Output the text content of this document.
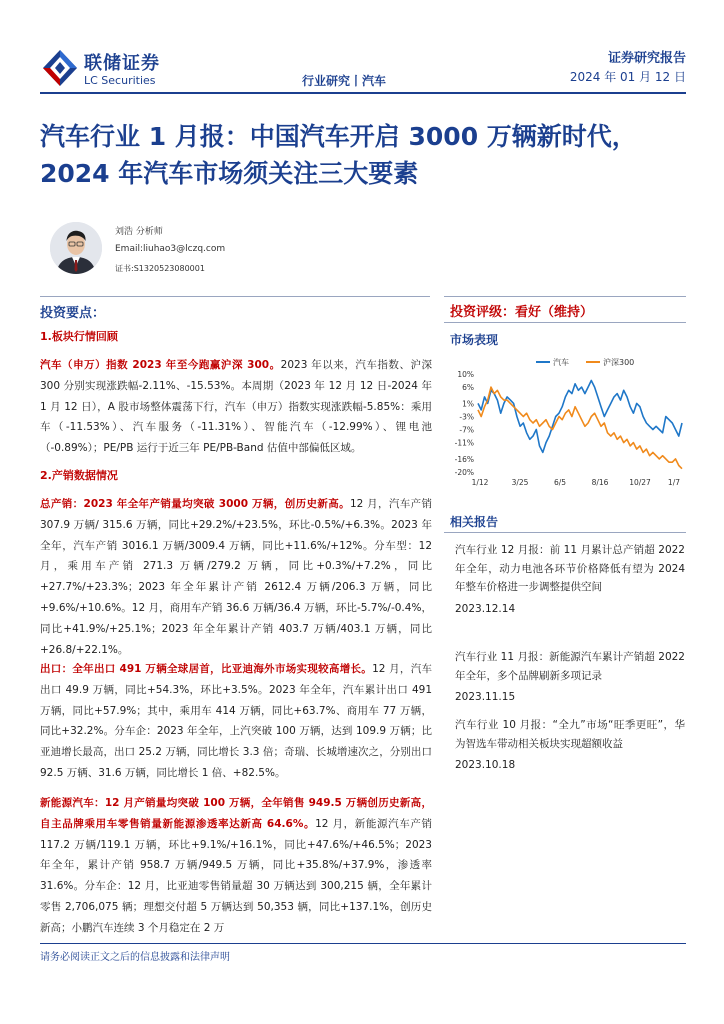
联储证券
LC Securities
证券研究报告
2024 年 01 月 12 日
行业研究丨汽车
汽车行业 1 月报：中国汽车开启 3000 万辆新时代，2024 年汽车市场须关注三大要素
刘浩 分析师
Email:liuhao3@lczq.com
证书:S1320523080001
投资要点：
1.板块行情回顾

汽车（申万）指数 2023 年至今跑赢沪深 300。2023 年以来，汽车指数、沪深 300 分别实现涨跌幅-2.11%、-15.53%。本周期（2023 年 12 月 12 日-2024 年 1 月 12 日），A 股市场整体震荡下行，汽车（申万）指数实现涨跌幅-5.85%：乘用车（-11.53%）、汽车服务（-11.31%）、智能汽车（-12.99%）、锂电池（-0.89%）；PE/PB 运行于近三年 PE/PB-Band 估值中部偏低区域。

2.产销数据情况

总产销：2023 年全年产销量均突破 3000 万辆，创历史新高。12 月，汽车产销 307.9 万辆/ 315.6 万辆，同比+29.2%/+23.5%，环比-0.5%/+6.3%。2023 年全年，汽车产销 3016.1 万辆/3009.4 万辆，同比+11.6%/+12%。分车型：12 月，乘用车产销 271.3 万辆/279.2 万辆，同比+0.3%/+7.2%，同比+27.7%/+23.3%；2023 年全年累计产销 2612.4 万辆/206.3 万辆，同比+9.6%/+10.6%。12 月，商用车产销 36.6 万辆/36.4 万辆，环比-5.7%/-0.4%，同比+41.9%/+25.1%；2023 年全年累计产销 403.7 万辆/403.1 万辆，同比+26.8/+22.1%。

出口：全年出口 491 万辆全球居首，比亚迪海外市场实现较高增长。12 月，汽车出口 49.9 万辆，同比+54.3%，环比+3.5%。2023 年全年，汽车累计出口 491 万辆，同比+57.9%；其中，乘用车 414 万辆，同比+63.7%、商用车 77 万辆，同比+32.2%。分车企：2023 年全年，上汽突破 100 万辆，达到 109.9 万辆；比亚迪增长最高，出口 25.2 万辆，同比增长 3.3 倍；奇瑞、长城增速次之，分别出口 92.5 万辆、31.6 万辆，同比增长 1 倍、+82.5%。

新能源汽车：12 月产销量均突破 100 万辆，全年销售 949.5 万辆创历史新高，自主品牌乘用车零售销量新能源渗透率达新高 64.6%。12 月，新能源汽车产销 117.2 万辆/119.1 万辆，环比+9.1%/+16.1%，同比+47.6%/+46.5%；2023 年全年，累计产销 958.7 万辆/949.5 万辆，同比+35.8%/+37.9%，渗透率 31.6%。分车企：12 月，比亚迪零售销量超 30 万辆达到 300,215 辆，全年累计零售 2,706,075 辆；理想交付超 5 万辆达到 50,353 辆，同比+137.1%，创历史新高；小鹏汽车连续 3 个月稳定在 2 万

投资评级：看好（维持）
市场表现
汽车	沪深300
10%
6%
1%
-3%
-7%
-11%
-16%
-20%
1/12	3/25	6/5	8/16	10/27 1/7
相关报告

汽车行业 12 月报：前 11 月累计总产销超 2022 年全年，动力电池各环节价格降低有望为 2024 年整车价格进一步调整提供空间

2023.12.14

汽车行业 11 月报：新能源汽车累计产销超 2022 年全年，多个品牌刷新多项记录

2023.11.15

汽车行业 10 月报：“全九”市场“旺季更旺”，华为智选车带动相关板块实现超额收益

2023.10.18

请务必阅读正文之后的信息披露和法律声明
